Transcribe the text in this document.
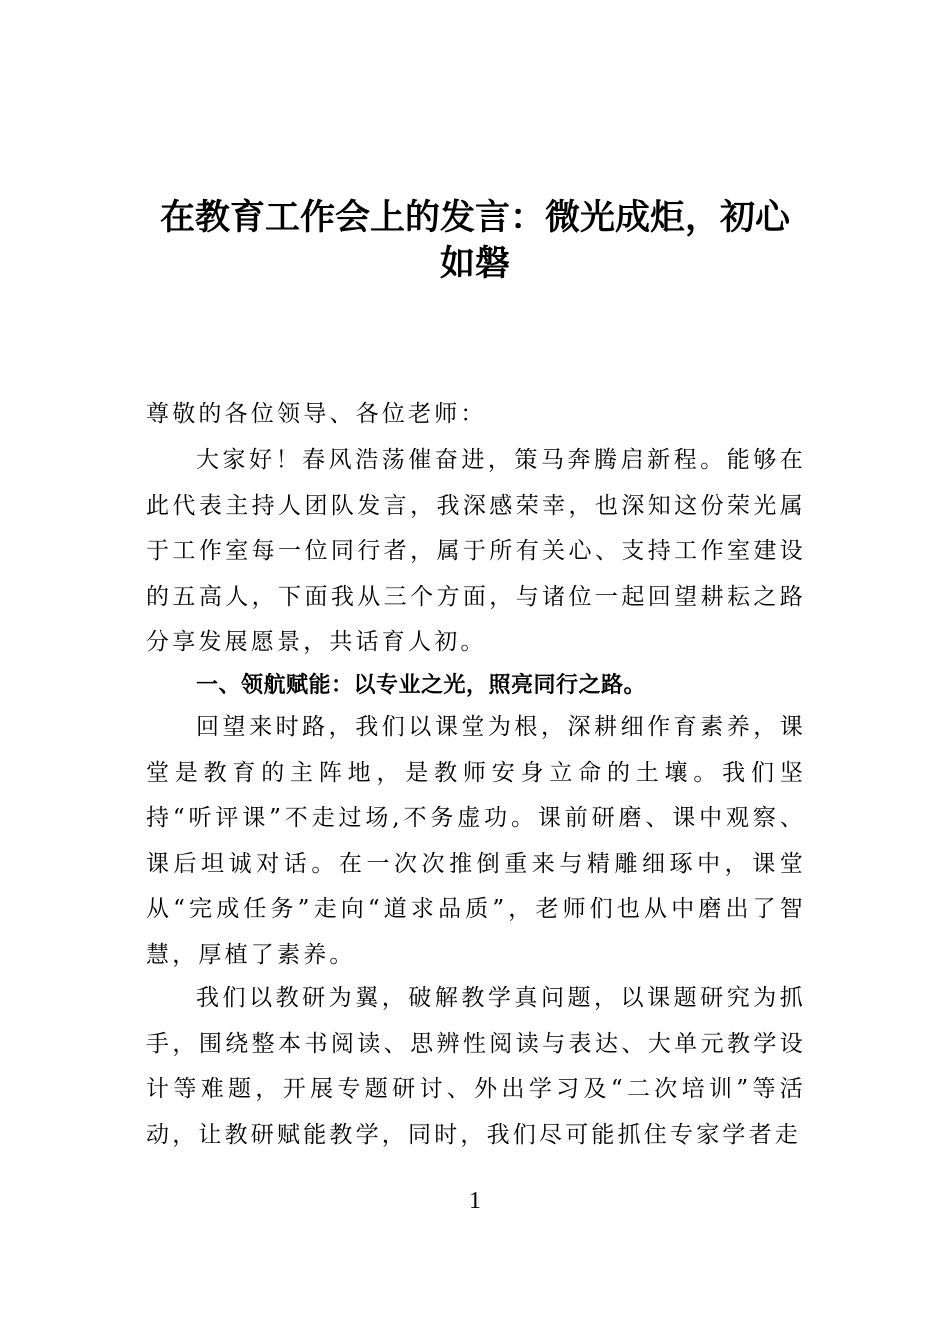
在教育工作会上的发言：微光成炬，初心
如磐

尊敬的各位领导、各位老师：

大家好！春风浩荡催奋进，策马奔腾启新程。能够在此代表主持人团队发言，我深感荣幸，也深知这份荣光属于工作室每一位同行者，属于所有关心、支持工作室建设的五高人，下面我从三个方面，与诸位一起回望耕耘之路分享发展愿景，共话育人初。

一、领航赋能：以专业之光，照亮同行之路。

回望来时路，我们以课堂为根，深耕细作育素养，课堂是教育的主阵地，是教师安身立命的土壤。我们坚持“听评课”不走过场,不务虚功。课前研磨、课中观察、课后坦诚对话。在一次次推倒重来与精雕细琢中，课堂从“完成任务”走向“道求品质”，老师们也从中磨出了智慧，厚植了素养。

我们以教研为翼，破解教学真问题，以课题研究为抓手，围绕整本书阅读、思辨性阅读与表达、大单元教学设计等难题，开展专题研讨、外出学习及“二次培训”等活动，让教研赋能教学，同时，我们尽可能抓住专家学者走

1
